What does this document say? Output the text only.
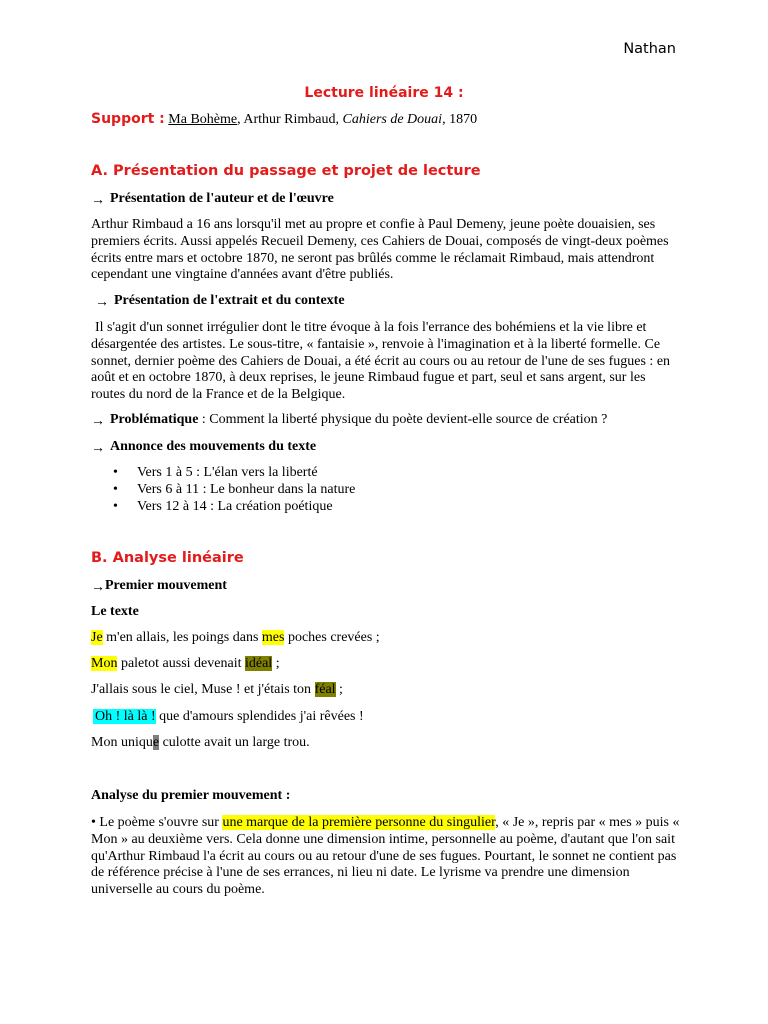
Nathan
Lecture linéaire 14 :
Support : Ma Bohème, Arthur Rimbaud, Cahiers de Douai, 1870
A. Présentation du passage et projet de lecture
→ Présentation de l'auteur et de l'œuvre
Arthur Rimbaud a 16 ans lorsqu'il met au propre et confie à Paul Demeny, jeune poète douaisien, ses premiers écrits. Aussi appelés Recueil Demeny, ces Cahiers de Douai, composés de vingt-deux poèmes écrits entre mars et octobre 1870, ne seront pas brûlés comme le réclamait Rimbaud, mais attendront cependant une vingtaine d'années avant d'être publiés.
→ Présentation de l'extrait et du contexte
Il s'agit d'un sonnet irrégulier dont le titre évoque à la fois l'errance des bohémiens et la vie libre et désargentée des artistes. Le sous-titre, « fantaisie », renvoie à l'imagination et à la liberté formelle. Ce sonnet, dernier poème des Cahiers de Douai, a été écrit au cours ou au retour de l'une de ses fugues : en août et en octobre 1870, à deux reprises, le jeune Rimbaud fugue et part, seul et sans argent, sur les routes du nord de la France et de la Belgique.
→ Problématique : Comment la liberté physique du poète devient-elle source de création ?
→ Annonce des mouvements du texte
• Vers 1 à 5 : L'élan vers la liberté
• Vers 6 à 11 : Le bonheur dans la nature
• Vers 12 à 14 : La création poétique
B. Analyse linéaire
→Premier mouvement
Le texte
Je m'en allais, les poings dans mes poches crevées ;
Mon paletot aussi devenait idéal ;
J'allais sous le ciel, Muse ! et j'étais ton féal ;
Oh ! là là ! que d'amours splendides j'ai rêvées !
Mon unique culotte avait un large trou.
Analyse du premier mouvement :
• Le poème s'ouvre sur une marque de la première personne du singulier, « Je », repris par « mes » puis « Mon » au deuxième vers. Cela donne une dimension intime, personnelle au poème, d'autant que l'on sait qu'Arthur Rimbaud l'a écrit au cours ou au retour d'une de ses fugues. Pourtant, le sonnet ne contient pas de référence précise à l'une de ses errances, ni lieu ni date. Le lyrisme va prendre une dimension universelle au cours du poème.
